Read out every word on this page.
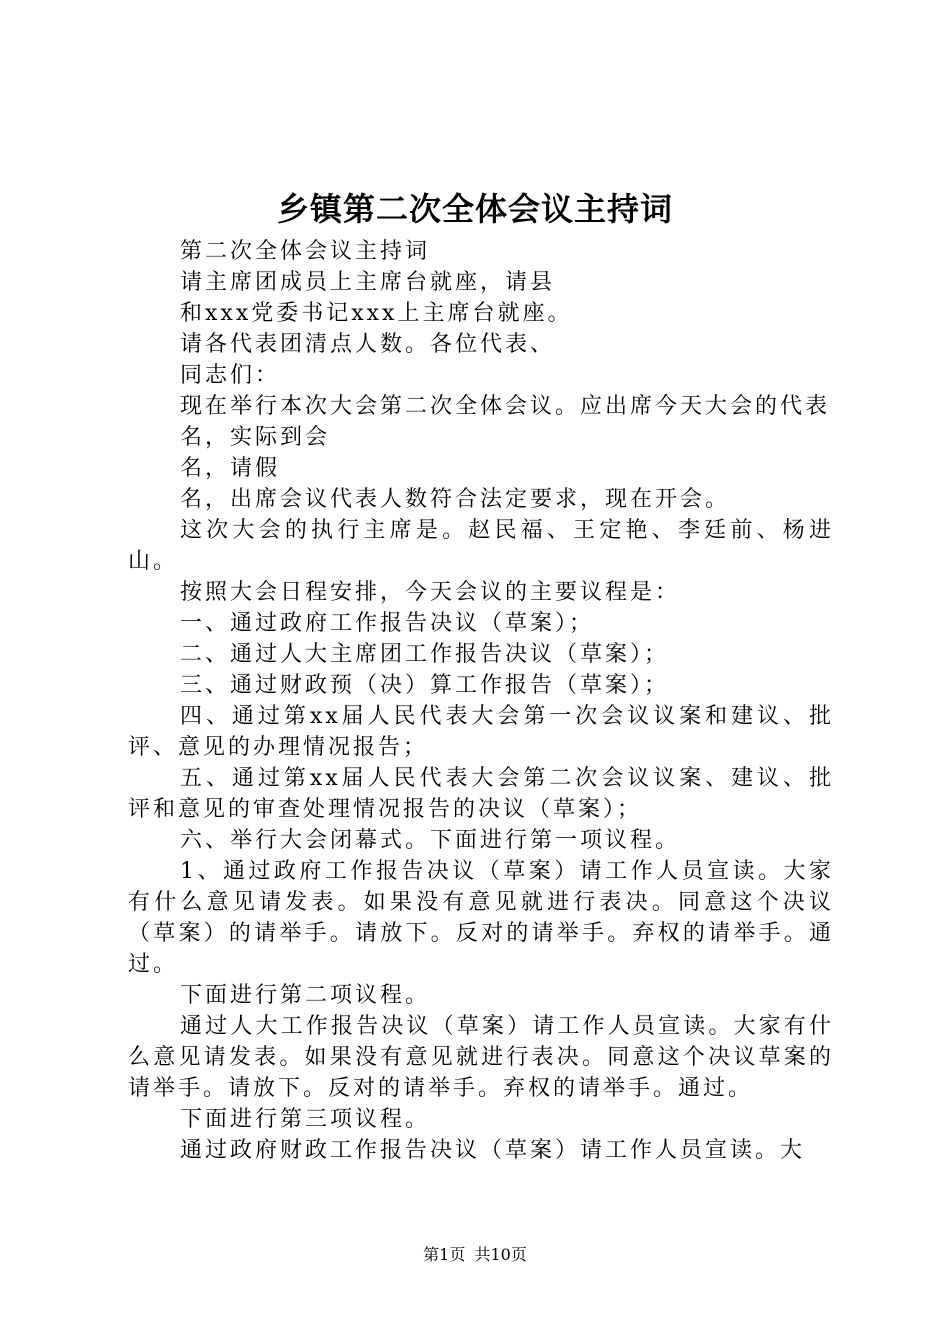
乡镇第二次全体会议主持词

第二次全体会议主持词

请主席团成员上主席台就座，请县

和xxx党委书记xxx上主席台就座。

请各代表团清点人数。各位代表、

同志们：

现在举行本次大会第二次全体会议。应出席今天大会的代表

名，实际到会

名，请假

名，出席会议代表人数符合法定要求，现在开会。

这次大会的执行主席是。赵民福、王定艳、李廷前、杨进山。

按照大会日程安排，今天会议的主要议程是：

一、通过政府工作报告决议（草案）；

二、通过人大主席团工作报告决议（草案）；

三、通过财政预（决）算工作报告（草案）；

四、通过第xx届人民代表大会第一次会议议案和建议、批评、意见的办理情况报告；

五、通过第xx届人民代表大会第二次会议议案、建议、批评和意见的审查处理情况报告的决议（草案）；

六、举行大会闭幕式。下面进行第一项议程。

1、通过政府工作报告决议（草案）请工作人员宣读。大家有什么意见请发表。如果没有意见就进行表决。同意这个决议（草案）的请举手。请放下。反对的请举手。弃权的请举手。通过。

下面进行第二项议程。

通过人大工作报告决议（草案）请工作人员宣读。大家有什么意见请发表。如果没有意见就进行表决。同意这个决议草案的请举手。请放下。反对的请举手。弃权的请举手。通过。

下面进行第三项议程。

通过政府财政工作报告决议（草案）请工作人员宣读。大

第1页 共10页
